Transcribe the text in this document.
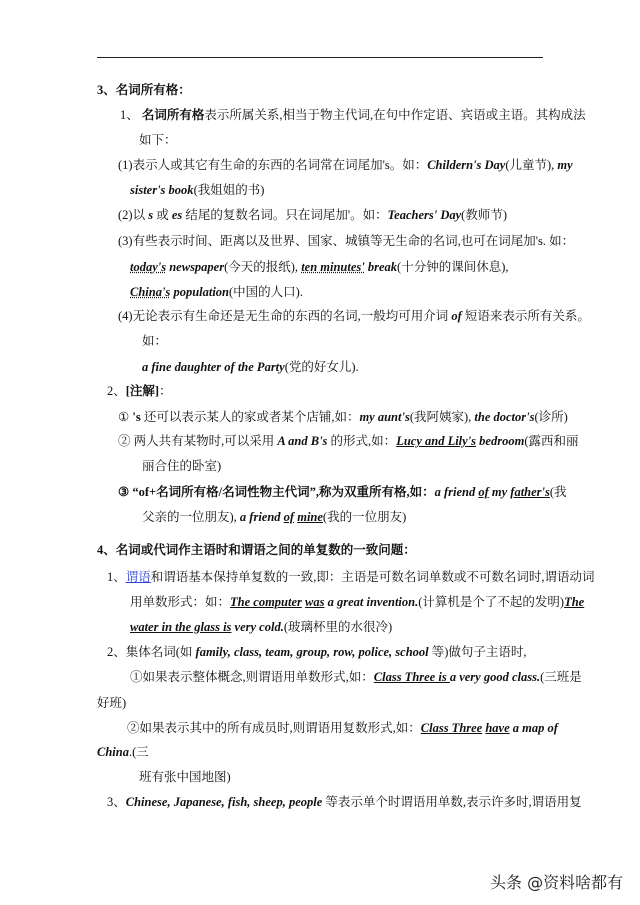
3、名词所有格：
1、 名词所有格表示所属关系,相当于物主代词,在句中作定语、宾语或主语。其构成法
如下：
(1)表示人或其它有生命的东西的名词常在词尾加's。如：Childern's Day(儿童节), my
sister's book(我姐姐的书)
(2)以 s 或 es 结尾的复数名词。只在词尾加'。如：Teachers' Day(教师节)
(3)有些表示时间、距离以及世界、国家、城镇等无生命的名词,也可在词尾加's. 如：
today's newspaper(今天的报纸), ten minutes' break(十分钟的课间休息),
China's population(中国的人口).
(4)无论表示有生命还是无生命的东西的名词,一般均可用介词 of 短语来表示所有关系。
如：
a fine daughter of the Party(党的好女儿).
2、[注解]：
① 's 还可以表示某人的家或者某个店铺,如：my aunt's(我阿姨家), the doctor's(诊所)
② 两人共有某物时,可以采用 A and B's 的形式,如：Lucy and Lily's bedroom(露西和丽
丽合住的卧室)
③ “of+名词所有格/名词性物主代词”,称为双重所有格,如：a friend of my father's(我
父亲的一位朋友), a friend of mine(我的一位朋友)
4、名词或代词作主语时和谓语之间的单复数的一致问题：
1、谓语和谓语基本保持单复数的一致,即：主语是可数名词单数或不可数名词时,谓语动词
用单数形式：如：The computer was a great invention.(计算机是个了不起的发明)The
water in the glass is very cold.(玻璃杯里的水很冷)
2、集体名词(如 family, class, team, group, row, police, school 等)做句子主语时,
①如果表示整体概念,则谓语用单数形式,如：Class Three is a very good class.(三班是
好班)
②如果表示其中的所有成员时,则谓语用复数形式,如：Class Three have a map of
China.(三
班有张中国地图)
3、Chinese, Japanese, fish, sheep, people 等表示单个时谓语用单数,表示许多时,谓语用复
头条 @资料啥都有
